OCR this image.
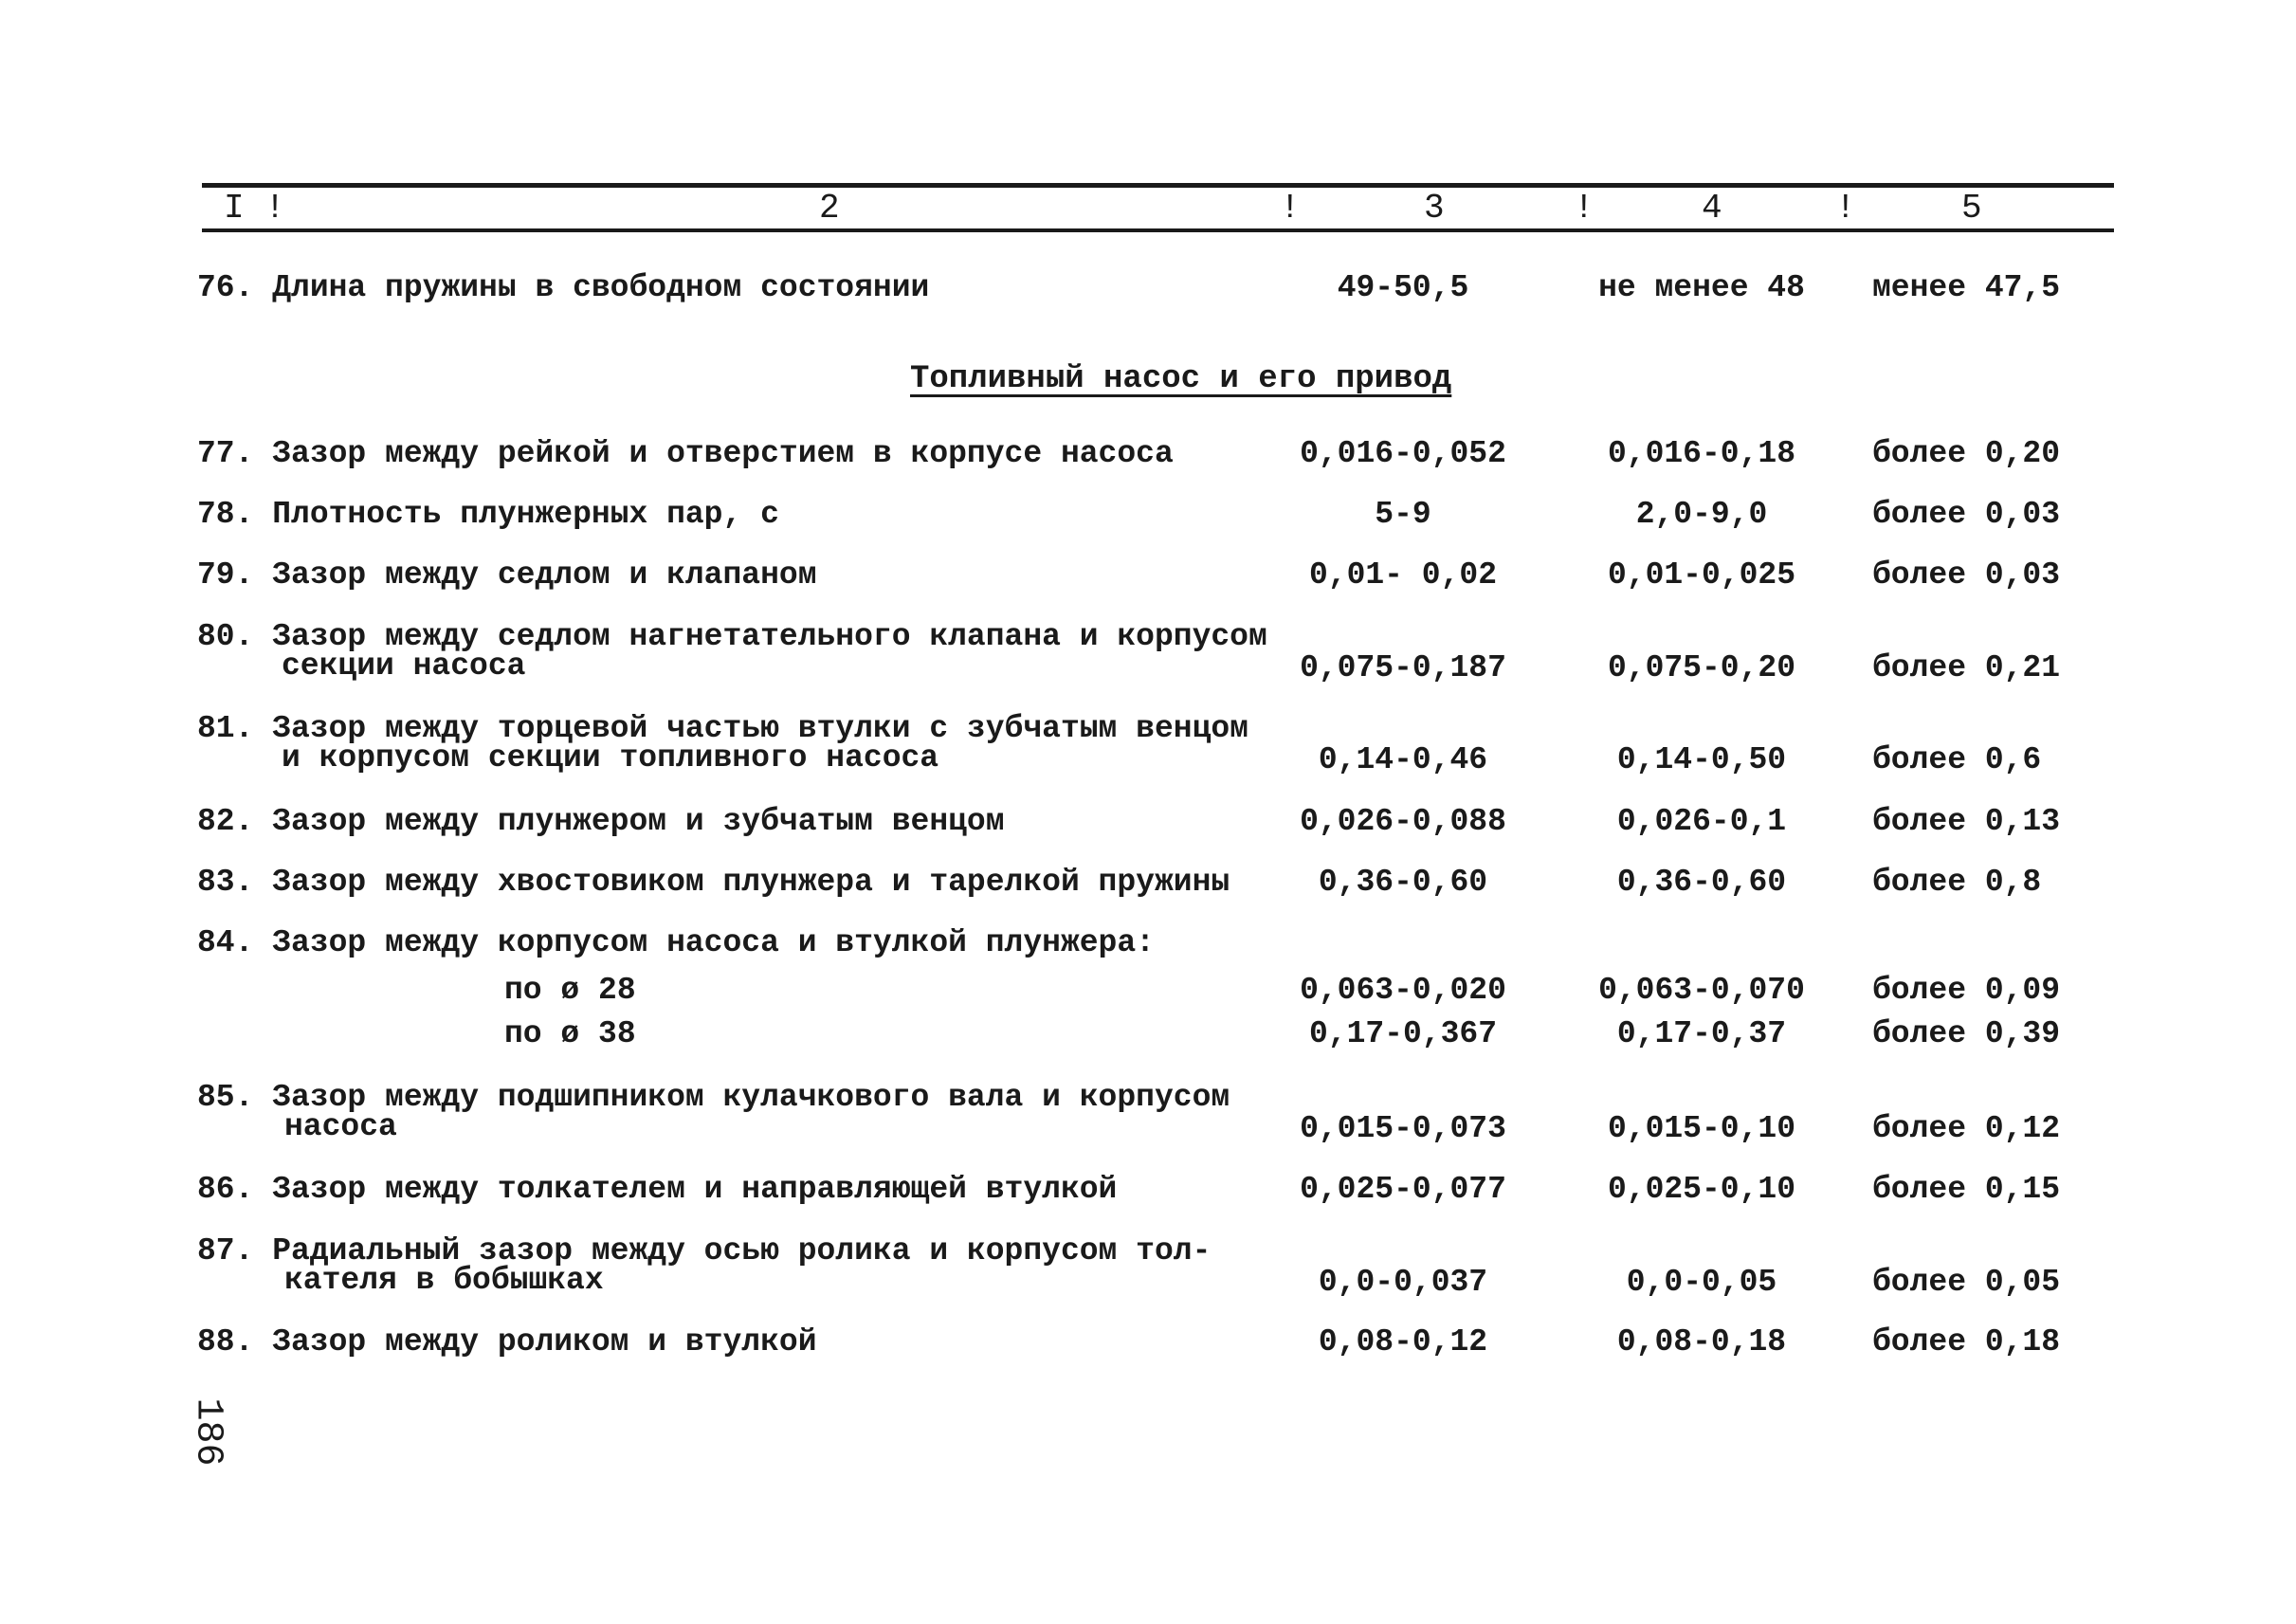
I !	2	!	3	!	4	!	5
76. Длина пружины в свободном состоянии	49-50,5	не менее 48	менее 47,5
Топливный насос и его привод
77. Зазор между рейкой и отверстием в корпусе насоса	0,016-0,052	0,016-0,18	более 0,20
78. Плотность плунжерных пар, с	5-9	2,0-9,0	более 0,03
79. Зазор между седлом и клапаном	0,01- 0,02	0,01-0,025	более 0,03
80. Зазор между седлом нагнетательного клапана и корпусом
секции насоса	0,075-0,187	0,075-0,20	более 0,21
81. Зазор между торцевой частью втулки с зубчатым венцом
и корпусом секции топливного насоса	0,14-0,46	0,14-0,50	более 0,6
82. Зазор между плунжером и зубчатым венцом	0,026-0,088	0,026-0,1	более 0,13
83. Зазор между хвостовиком плунжера и тарелкой пружины	0,36-0,60	0,36-0,60	более 0,8
84. Зазор между корпусом насоса и втулкой плунжера:
по ø 28	0,063-0,020	0,063-0,070	более 0,09
по ø 38	0,17-0,367	0,17-0,37	более 0,39
85. Зазор между подшипником кулачкового вала и корпусом
насоса	0,015-0,073	0,015-0,10	более 0,12
86. Зазор между толкателем и направляющей втулкой	0,025-0,077	0,025-0,10	более 0,15
87. Радиальный зазор между осью ролика и корпусом тол-
кателя в бобышках	0,0-0,037	0,0-0,05	более 0,05
88. Зазор между роликом и втулкой	0,08-0,12	0,08-0,18	более 0,18
186
